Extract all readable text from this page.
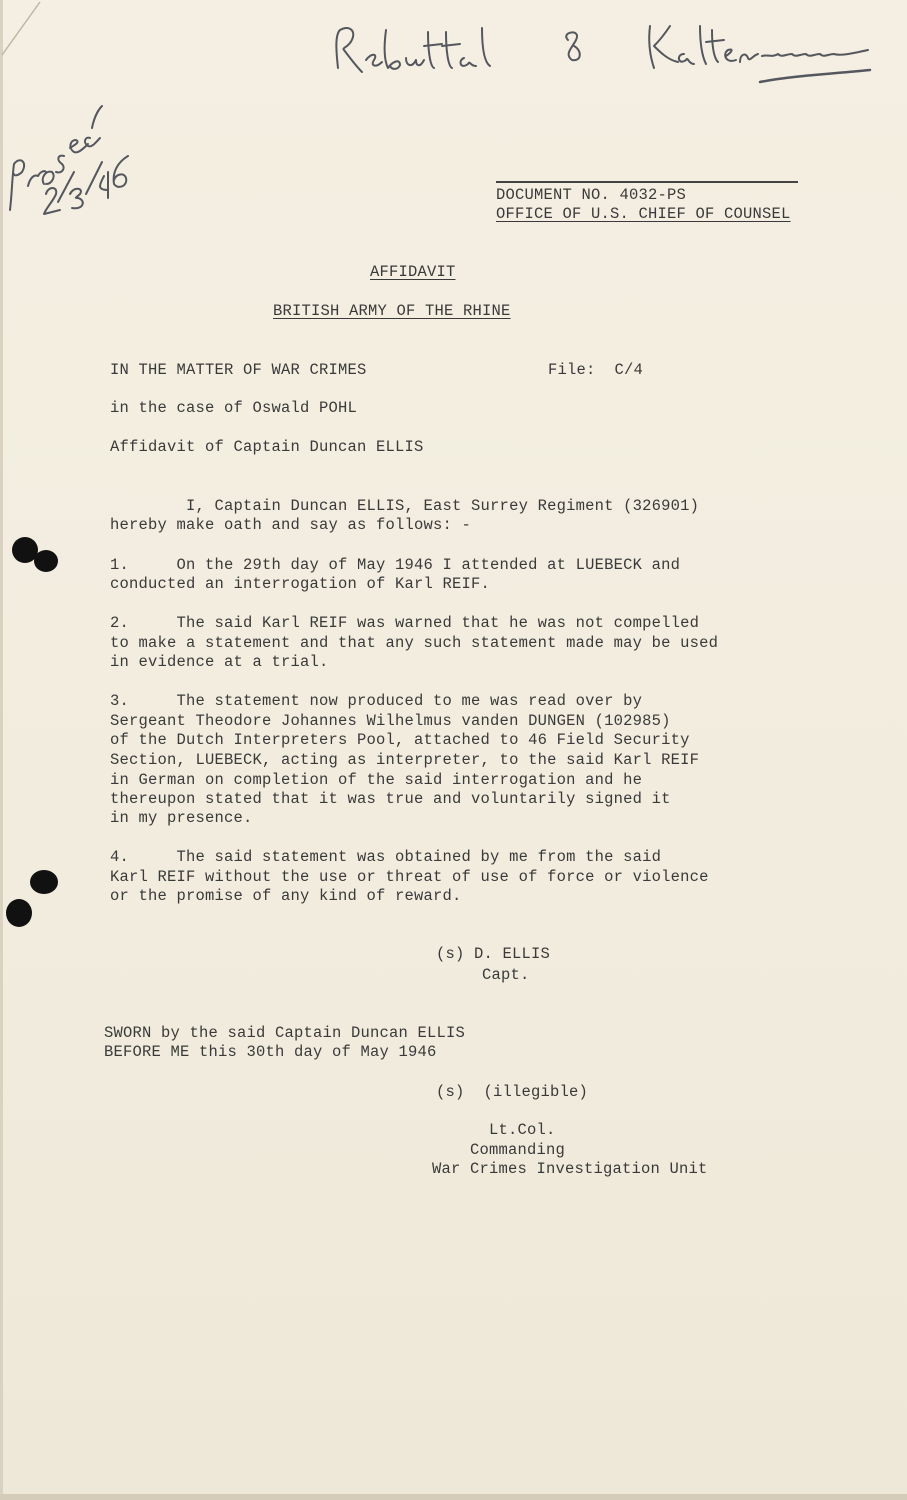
DOCUMENT NO. 4032-PS
OFFICE OF U.S. CHIEF OF COUNSEL
AFFIDAVIT
BRITISH ARMY OF THE RHINE
IN THE MATTER OF WAR CRIMES	File:  C/4
in the case of Oswald POHL
Affidavit of Captain Duncan ELLIS
I, Captain Duncan ELLIS, East Surrey Regiment (326901)
hereby make oath and say as follows: -
1.     On the 29th day of May 1946 I attended at LUEBECK and
conducted an interrogation of Karl REIF.
2.     The said Karl REIF was warned that he was not compelled
to make a statement and that any such statement made may be used
in evidence at a trial.
3.     The statement now produced to me was read over by
Sergeant Theodore Johannes Wilhelmus vanden DUNGEN (102985)
of the Dutch Interpreters Pool, attached to 46 Field Security
Section, LUEBECK, acting as interpreter, to the said Karl REIF
in German on completion of the said interrogation and he
thereupon stated that it was true and voluntarily signed it
in my presence.
4.     The said statement was obtained by me from the said
Karl REIF without the use or threat of use of force or violence
or the promise of any kind of reward.
(s) D. ELLIS
Capt.
SWORN by the said Captain Duncan ELLIS
BEFORE ME this 30th day of May 1946
(s)  (illegible)
Lt.Col.
Commanding
War Crimes Investigation Unit
